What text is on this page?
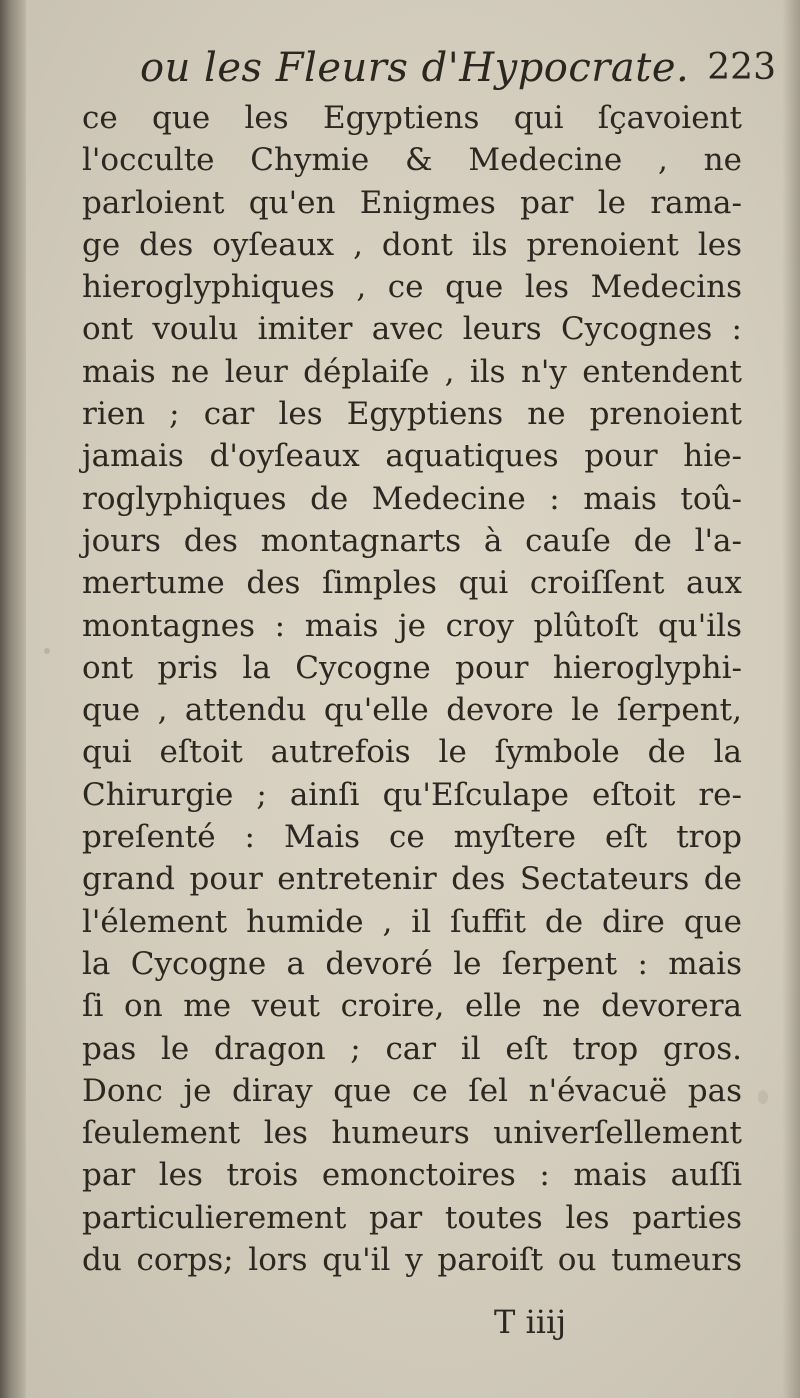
ou les Fleurs d'Hypocrate. 223
ce que les Egyptiens qui ſçavoient
l'occulte Chymie & Medecine , ne
parloient qu'en Enigmes par le rama-
ge des oyſeaux , dont ils prenoient les
hieroglyphiques , ce que les Medecins
ont voulu imiter avec leurs Cycognes :
mais ne leur déplaiſe , ils n'y entendent
rien ; car les Egyptiens ne prenoient
jamais d'oyſeaux aquatiques pour hie-
roglyphiques de Medecine : mais toû-
jours des montagnarts à cauſe de l'a-
mertume des ſimples qui croiſſent aux
montagnes : mais je croy plûtoſt qu'ils
ont pris la Cycogne pour hieroglyphi-
que , attendu qu'elle devore le ſerpent,
qui eſtoit autrefois le ſymbole de la
Chirurgie ; ainſi qu'Eſculape eſtoit re-
preſenté : Mais ce myſtere eſt trop
grand pour entretenir des Sectateurs de
l'élement humide , il ſuffit de dire que
la Cycogne a devoré le ſerpent : mais
ſi on me veut croire, elle ne devorera
pas le dragon ; car il eſt trop gros.
Donc je diray que ce ſel n'évacuë pas
ſeulement les humeurs univerſellement
par les trois emonctoires : mais auſſi
particulierement par toutes les parties
du corps; lors qu'il y paroiſt ou tumeurs
T iiij
